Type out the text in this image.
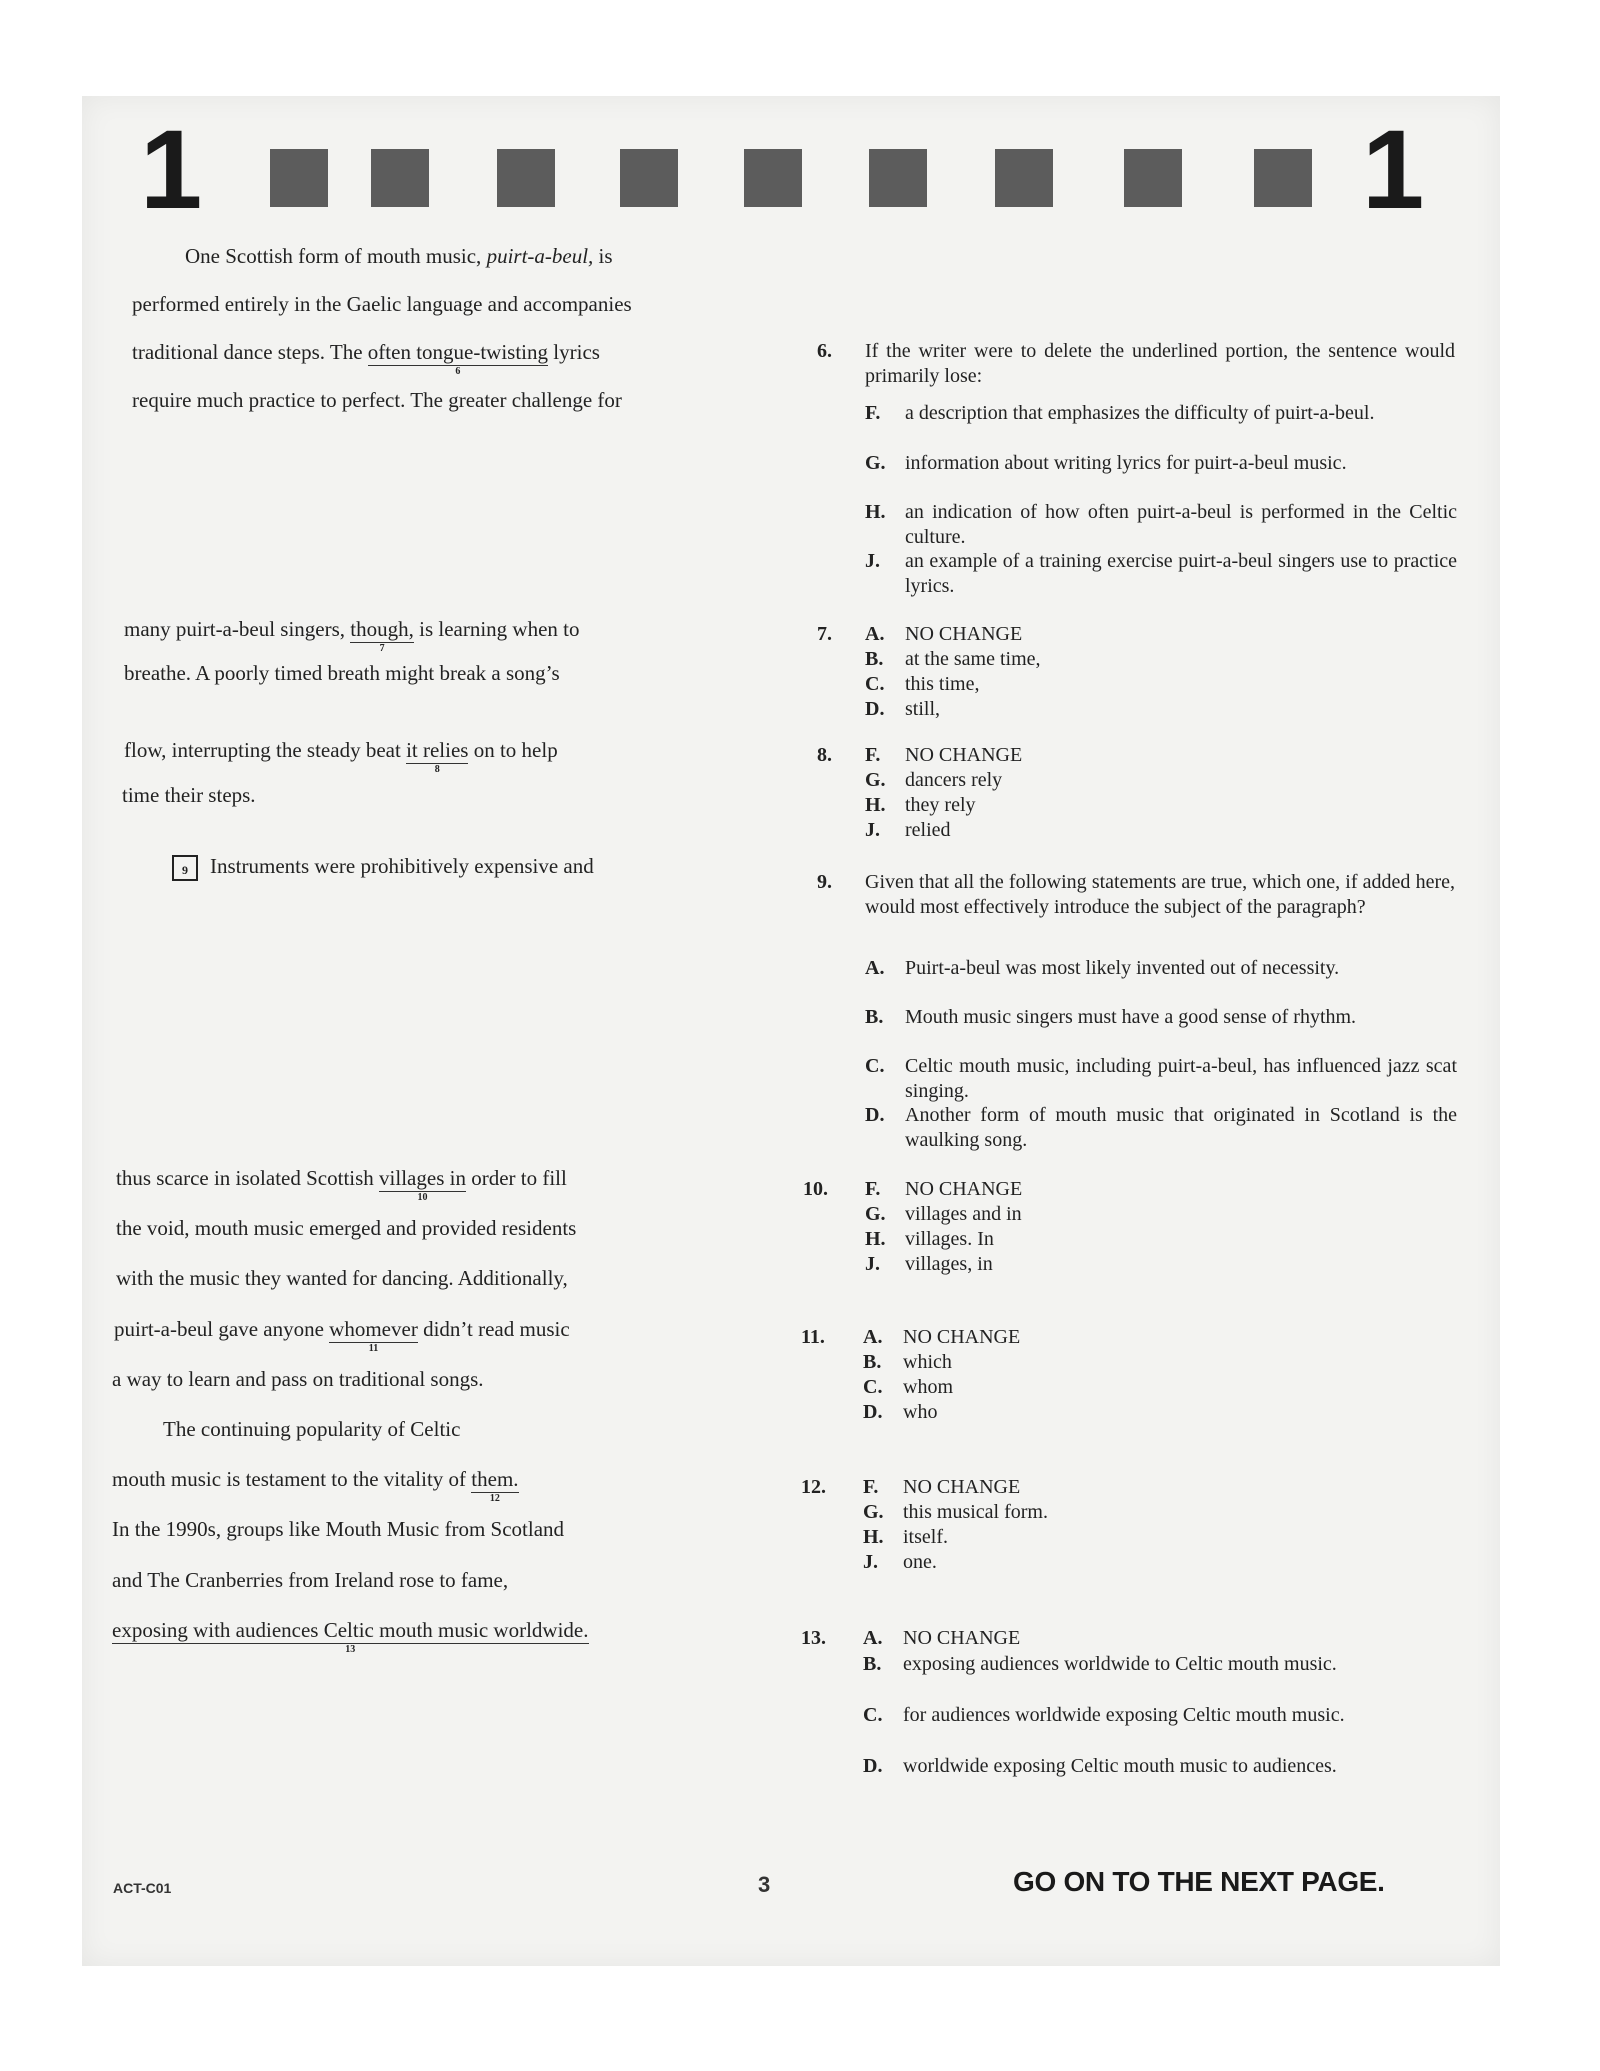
1	1
One Scottish form of mouth music, puirt-a-beul, is
performed entirely in the Gaelic language and accompanies
traditional dance steps. The often tongue-twisting
6
lyrics
require much practice to perfect. The greater challenge for
many puirt-a-beul singers, though,
7
is learning when to
breathe. A poorly timed breath might break a song’s
flow, interrupting the steady beat it relies
8
on to help
time their steps.
9 Instruments were prohibitively expensive and
thus scarce in isolated Scottish villages in
10
order to fill
the void, mouth music emerged and provided residents
with the music they wanted for dancing. Additionally,
puirt-a-beul gave anyone whomever
11
didn’t read music
a way to learn and pass on traditional songs.
The continuing popularity of Celtic
mouth music is testament to the vitality of them.
12
In the 1990s, groups like Mouth Music from Scotland
and The Cranberries from Ireland rose to fame,
exposing with audiences Celtic mouth music worldwide.
13
6. If the writer were to delete the underlined portion, the sentence would primarily lose:
F. a description that emphasizes the difficulty of puirt-a-beul.
G. information about writing lyrics for puirt-a-beul music.
H. an indication of how often puirt-a-beul is performed in the Celtic culture.
J. an example of a training exercise puirt-a-beul singers use to practice lyrics.
7. A. NO CHANGE
B. at the same time,
C. this time,
D. still,
8. F. NO CHANGE
G. dancers rely
H. they rely
J. relied
9. Given that all the following statements are true, which one, if added here, would most effectively introduce the subject of the paragraph?
A. Puirt-a-beul was most likely invented out of necessity.
B. Mouth music singers must have a good sense of rhythm.
C. Celtic mouth music, including puirt-a-beul, has influenced jazz scat singing.
D. Another form of mouth music that originated in Scotland is the waulking song.
10. F. NO CHANGE
G. villages and in
H. villages. In
J. villages, in
11. A. NO CHANGE
B. which
C. whom
D. who
12. F. NO CHANGE
G. this musical form.
H. itself.
J. one.
13. A. NO CHANGE
B. exposing audiences worldwide to Celtic mouth music.
C. for audiences worldwide exposing Celtic mouth music.
D. worldwide exposing Celtic mouth music to audiences.
ACT-C01	3	GO ON TO THE NEXT PAGE.
